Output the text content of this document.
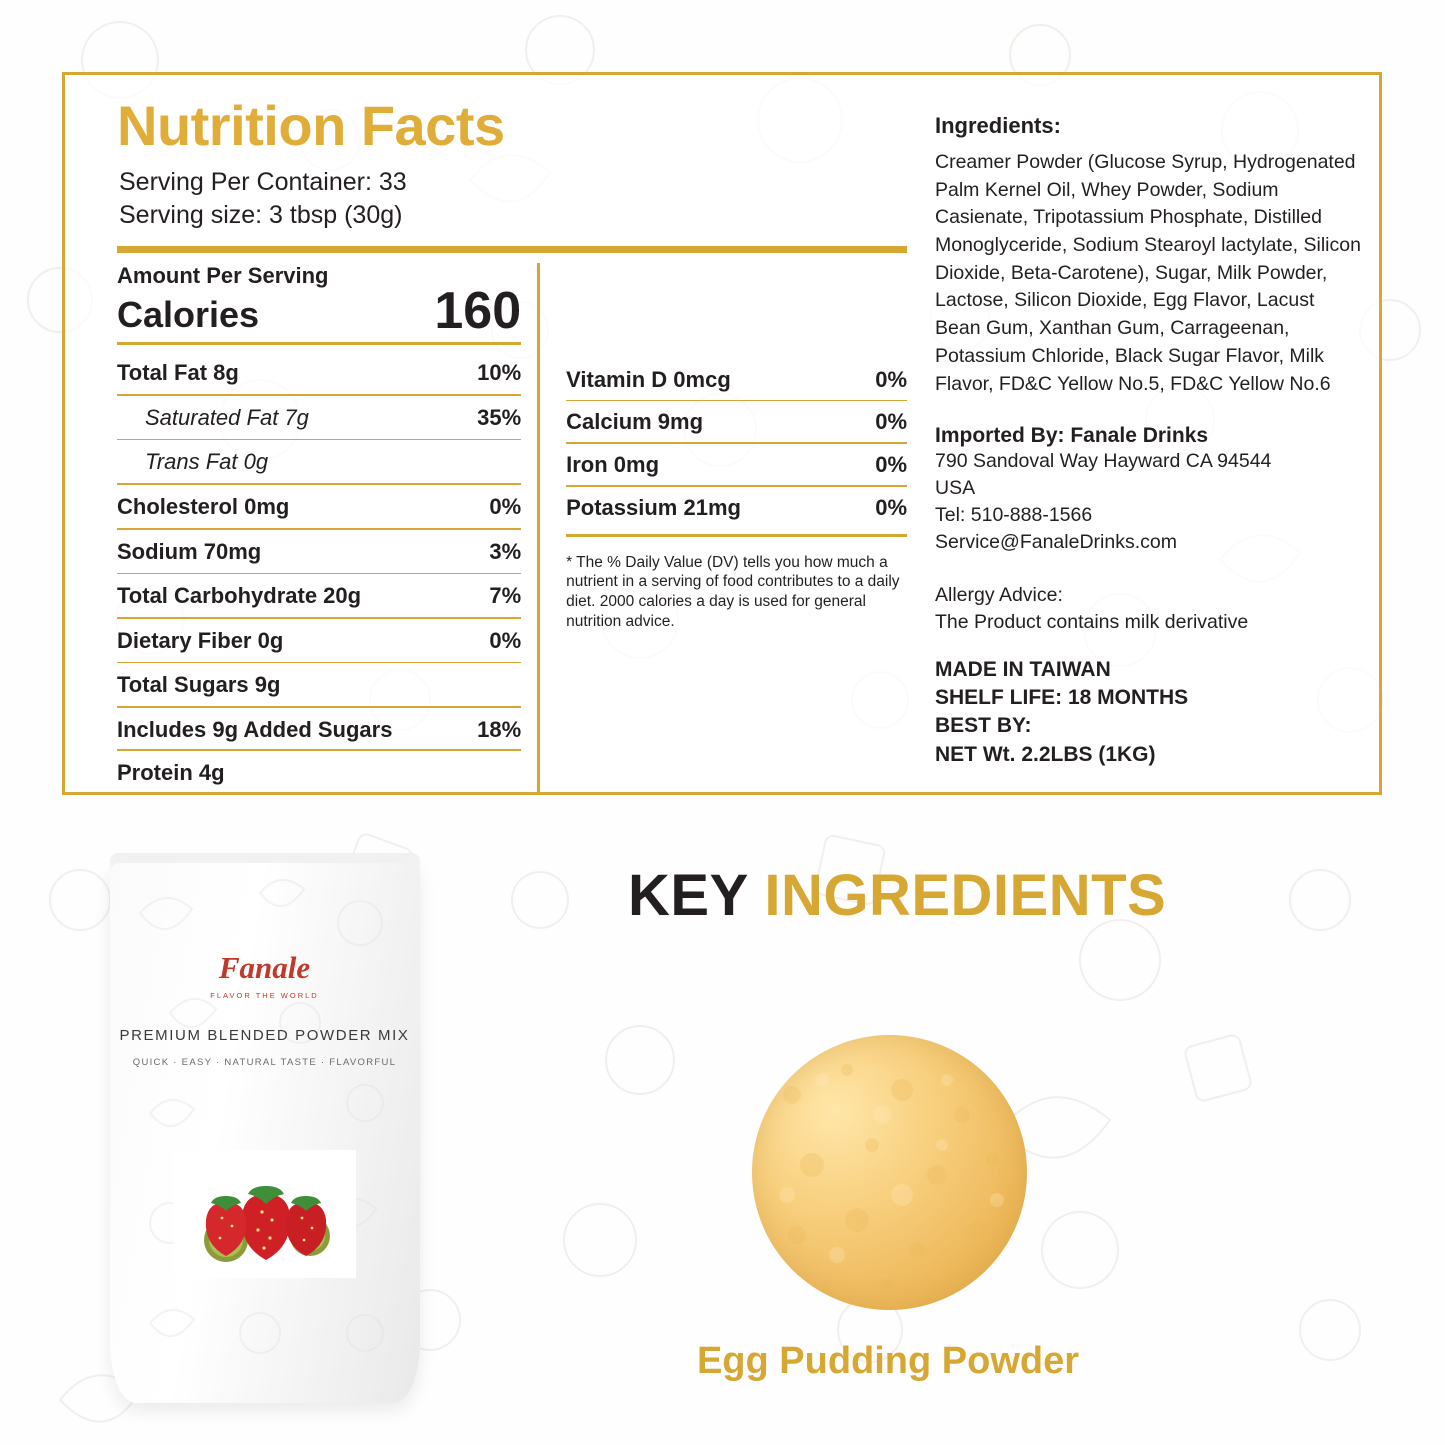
Nutrition Facts
Serving Per Container: 33
Serving size: 3 tbsp (30g)
Amount Per Serving
Calories	160
Total Fat 8g	10%
Saturated Fat 7g	35%
Trans Fat 0g
Cholesterol 0mg	0%
Sodium 70mg	3%
Total Carbohydrate 20g	7%
Dietary Fiber 0g	0%
Total Sugars 9g
Includes 9g Added Sugars	18%
Protein 4g
Vitamin D 0mcg	0%
Calcium 9mg	0%
Iron 0mg	0%
Potassium 21mg	0%
* The % Daily Value (DV) tells you how much a nutrient in a serving of food contributes to a daily diet. 2000 calories a day is used for general nutrition advice.
Ingredients:
Creamer Powder (Glucose Syrup, Hydrogenated Palm Kernel Oil, Whey Powder, Sodium Casienate, Tripotassium Phosphate, Distilled Monoglyceride, Sodium Stearoyl lactylate, Silicon Dioxide, Beta-Carotene), Sugar, Milk Powder, Lactose, Silicon Dioxide, Egg Flavor, Lacust Bean Gum, Xanthan Gum, Carrageenan, Potassium Chloride, Black Sugar Flavor, Milk Flavor, FD&C Yellow No.5, FD&C Yellow No.6
Imported By: Fanale Drinks
790 Sandoval Way Hayward CA 94544
USA
Tel: 510-888-1566
Service@FanaleDrinks.com
Allergy Advice:
The Product contains milk derivative
MADE IN TAIWAN
SHELF LIFE: 18 MONTHS
BEST BY:
NET Wt. 2.2LBS (1KG)
KEY INGREDIENTS
Egg Pudding Powder
Fanale
FLAVOR THE WORLD
PREMIUM BLENDED POWDER MIX
QUICK · EASY · NATURAL TASTE · FLAVORFUL
